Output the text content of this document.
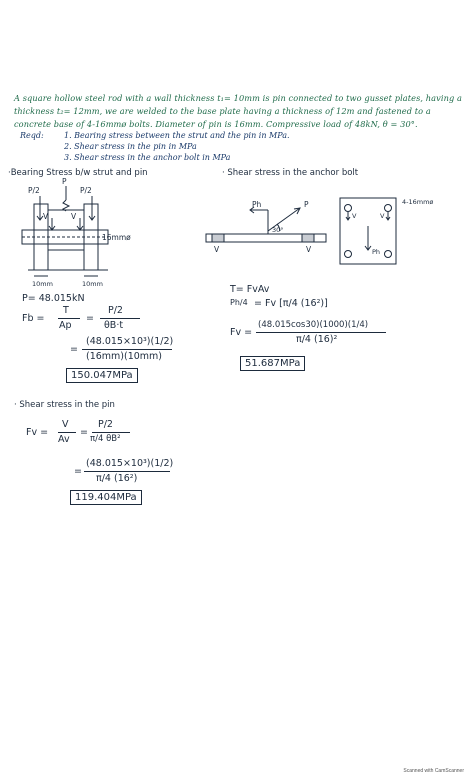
A square hollow steel rod with a wall thickness t₁= 10mm is pin connected to two gusset plates, having a
thickness t₂= 12mm, we are welded to the base plate having a thickness of 12m and fastened to a
concrete base of 4-16mmø bolts. Diameter of pin is 16mm. Compressive load of 48kN, θ = 30°.
Reqd:	1. Bearing stress between the strut and the pin in MPa.
2. Shear stress in the pin in MPa
3. Shear stress in the anchor bolt in MPa
·Bearing Stress b/w strut and pin
P
P/2	P/2
V	V
16mmø
10mm	10mm
P= 48.015kN
Fb =
T
Ap
=
P/2
θB·t
=
(48.015×10³)(1/2)
(16mm)(10mm)
150.047MPa
· Shear stress in the anchor bolt
Ph	P
30°
V	V
4-16mmø
V	V
Ph
T= FvAv
Ph/4 = Fv [π/4 (16²)]
Fv =
(48.015cos30)(1000)(1/4)
π/4 (16)²
51.687MPa
· Shear stress in the pin
Fv =
V
Av
=
P/2
π/4 θB²
=
(48.015×10³)(1/2)
π/4 (16²)
119.404MPa
Scanned with CamScanner
